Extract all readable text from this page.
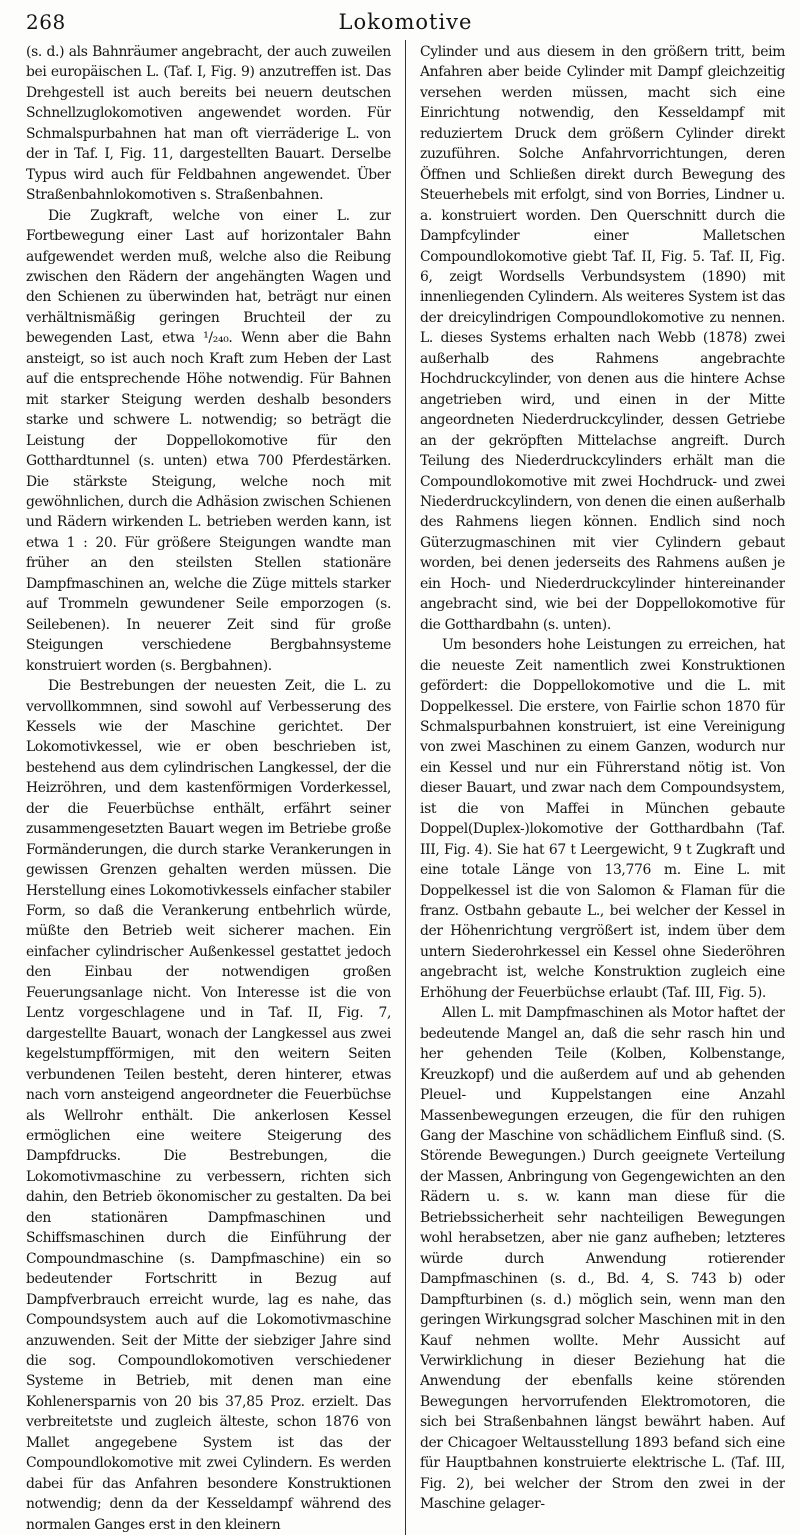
268	Lokomotive

(s. d.) als Bahnräumer angebracht, der auch zuweilen bei europäischen L. (Taf. I, Fig. 9) anzutreffen ist. Das Drehgestell ist auch bereits bei neuern deutschen Schnellzuglokomotiven angewendet worden. Für Schmalspurbahnen hat man oft vierräderige L. von der in Taf. I, Fig. 11, dargestellten Bauart. Derselbe Typus wird auch für Feldbahnen angewendet. Über Straßenbahnlokomotiven s. Straßenbahnen.

Die Zugkraft, welche von einer L. zur Fortbewegung einer Last auf horizontaler Bahn aufgewendet werden muß, welche also die Reibung zwischen den Rädern der angehängten Wagen und den Schienen zu überwinden hat, beträgt nur einen verhältnismäßig geringen Bruchteil der zu bewegenden Last, etwa ¹/₂₄₀. Wenn aber die Bahn ansteigt, so ist auch noch Kraft zum Heben der Last auf die entsprechende Höhe notwendig. Für Bahnen mit starker Steigung werden deshalb besonders starke und schwere L. notwendig; so beträgt die Leistung der Doppellokomotive für den Gotthardtunnel (s. unten) etwa 700 Pferdestärken. Die stärkste Steigung, welche noch mit gewöhnlichen, durch die Adhäsion zwischen Schienen und Rädern wirkenden L. betrieben werden kann, ist etwa 1 : 20. Für größere Steigungen wandte man früher an den steilsten Stellen stationäre Dampfmaschinen an, welche die Züge mittels starker auf Trommeln gewundener Seile emporzogen (s. Seilebenen). In neuerer Zeit sind für große Steigungen verschiedene Bergbahnsysteme konstruiert worden (s. Bergbahnen).

Die Bestrebungen der neuesten Zeit, die L. zu vervollkommnen, sind sowohl auf Verbesserung des Kessels wie der Maschine gerichtet. Der Lokomotivkessel, wie er oben beschrieben ist, bestehend aus dem cylindrischen Langkessel, der die Heizröhren, und dem kastenförmigen Vorderkessel, der die Feuerbüchse enthält, erfährt seiner zusammengesetzten Bauart wegen im Betriebe große Formänderungen, die durch starke Verankerungen in gewissen Grenzen gehalten werden müssen. Die Herstellung eines Lokomotivkessels einfacher stabiler Form, so daß die Verankerung entbehrlich würde, müßte den Betrieb weit sicherer machen. Ein einfacher cylindrischer Außenkessel gestattet jedoch den Einbau der notwendigen großen Feuerungsanlage nicht. Von Interesse ist die von Lentz vorgeschlagene und in Taf. II, Fig. 7, dargestellte Bauart, wonach der Langkessel aus zwei kegelstumpfförmigen, mit den weitern Seiten verbundenen Teilen besteht, deren hinterer, etwas nach vorn ansteigend angeordneter die Feuerbüchse als Wellrohr enthält. Die ankerlosen Kessel ermöglichen eine weitere Steigerung des Dampfdrucks. Die Bestrebungen, die Lokomotivmaschine zu verbessern, richten sich dahin, den Betrieb ökonomischer zu gestalten. Da bei den stationären Dampfmaschinen und Schiffsmaschinen durch die Einführung der Compoundmaschine (s. Dampfmaschine) ein so bedeutender Fortschritt in Bezug auf Dampfverbrauch erreicht wurde, lag es nahe, das Compoundsystem auch auf die Lokomotivmaschine anzuwenden. Seit der Mitte der siebziger Jahre sind die sog. Compoundlokomotiven verschiedener Systeme in Betrieb, mit denen man eine Kohlenersparnis von 20 bis 37,85 Proz. erzielt. Das verbreitetste und zugleich älteste, schon 1876 von Mallet angegebene System ist das der Compoundlokomotive mit zwei Cylindern. Es werden dabei für das Anfahren besondere Konstruktionen notwendig; denn da der Kesseldampf während des normalen Ganges erst in den kleinern

Cylinder und aus diesem in den größern tritt, beim Anfahren aber beide Cylinder mit Dampf gleichzeitig versehen werden müssen, macht sich eine Einrichtung notwendig, den Kesseldampf mit reduziertem Druck dem größern Cylinder direkt zuzuführen. Solche Anfahrvorrichtungen, deren Öffnen und Schließen direkt durch Bewegung des Steuerhebels mit erfolgt, sind von Borries, Lindner u. a. konstruiert worden. Den Querschnitt durch die Dampfcylinder einer Malletschen Compoundlokomotive giebt Taf. II, Fig. 5. Taf. II, Fig. 6, zeigt Wordsells Verbundsystem (1890) mit innenliegenden Cylindern. Als weiteres System ist das der dreicylindrigen Compoundlokomotive zu nennen. L. dieses Systems erhalten nach Webb (1878) zwei außerhalb des Rahmens angebrachte Hochdruckcylinder, von denen aus die hintere Achse angetrieben wird, und einen in der Mitte angeordneten Niederdruckcylinder, dessen Getriebe an der gekröpften Mittelachse angreift. Durch Teilung des Niederdruckcylinders erhält man die Compoundlokomotive mit zwei Hochdruck- und zwei Niederdruckcylindern, von denen die einen außerhalb des Rahmens liegen können. Endlich sind noch Güterzugmaschinen mit vier Cylindern gebaut worden, bei denen jederseits des Rahmens außen je ein Hoch- und Niederdruckcylinder hintereinander angebracht sind, wie bei der Doppellokomotive für die Gotthardbahn (s. unten).

Um besonders hohe Leistungen zu erreichen, hat die neueste Zeit namentlich zwei Konstruktionen gefördert: die Doppellokomotive und die L. mit Doppelkessel. Die erstere, von Fairlie schon 1870 für Schmalspurbahnen konstruiert, ist eine Vereinigung von zwei Maschinen zu einem Ganzen, wodurch nur ein Kessel und nur ein Führerstand nötig ist. Von dieser Bauart, und zwar nach dem Compoundsystem, ist die von Maffei in München gebaute Doppel(Duplex-)lokomotive der Gotthardbahn (Taf. III, Fig. 4). Sie hat 67 t Leergewicht, 9 t Zugkraft und eine totale Länge von 13,776 m. Eine L. mit Doppelkessel ist die von Salomon & Flaman für die franz. Ostbahn gebaute L., bei welcher der Kessel in der Höhenrichtung vergrößert ist, indem über dem untern Siederohrkessel ein Kessel ohne Siederöhren angebracht ist, welche Konstruktion zugleich eine Erhöhung der Feuerbüchse erlaubt (Taf. III, Fig. 5).

Allen L. mit Dampfmaschinen als Motor haftet der bedeutende Mangel an, daß die sehr rasch hin und her gehenden Teile (Kolben, Kolbenstange, Kreuzkopf) und die außerdem auf und ab gehenden Pleuel- und Kuppelstangen eine Anzahl Massenbewegungen erzeugen, die für den ruhigen Gang der Maschine von schädlichem Einfluß sind. (S. Störende Bewegungen.) Durch geeignete Verteilung der Massen, Anbringung von Gegengewichten an den Rädern u. s. w. kann man diese für die Betriebssicherheit sehr nachteiligen Bewegungen wohl herabsetzen, aber nie ganz aufheben; letzteres würde durch Anwendung rotierender Dampfmaschinen (s. d., Bd. 4, S. 743 b) oder Dampfturbinen (s. d.) möglich sein, wenn man den geringen Wirkungsgrad solcher Maschinen mit in den Kauf nehmen wollte. Mehr Aussicht auf Verwirklichung in dieser Beziehung hat die Anwendung der ebenfalls keine störenden Bewegungen hervorrufenden Elektromotoren, die sich bei Straßenbahnen längst bewährt haben. Auf der Chicagoer Weltausstellung 1893 befand sich eine für Hauptbahnen konstruierte elektrische L. (Taf. III, Fig. 2), bei welcher der Strom den zwei in der Maschine gelager-
